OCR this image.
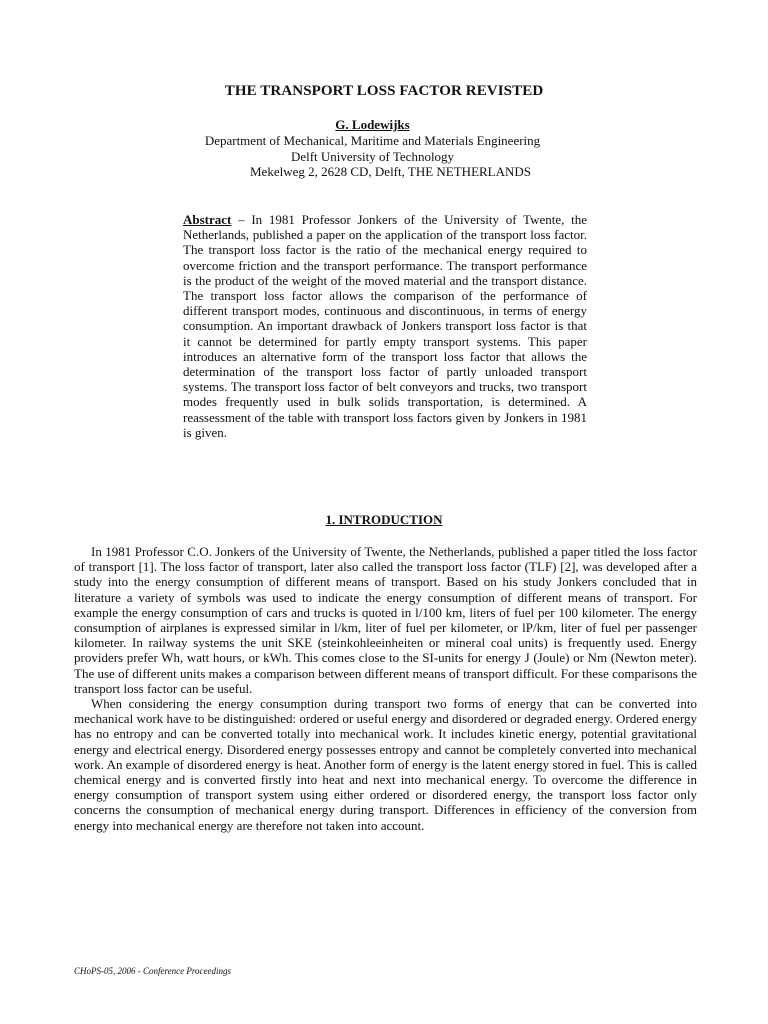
THE TRANSPORT LOSS FACTOR REVISTED
G. Lodewijks
Department of Mechanical, Maritime and Materials Engineering
Delft University of Technology
Mekelweg 2, 2628 CD, Delft, THE NETHERLANDS
Abstract – In 1981 Professor Jonkers of the University of Twente, the Netherlands, published a paper on the application of the transport loss factor. The transport loss factor is the ratio of the mechanical energy required to overcome friction and the transport performance. The transport performance is the product of the weight of the moved material and the transport distance. The transport loss factor allows the comparison of the performance of different transport modes, continuous and discontinuous, in terms of energy consumption. An important drawback of Jonkers transport loss factor is that it cannot be determined for partly empty transport systems. This paper introduces an alternative form of the transport loss factor that allows the determination of the transport loss factor of partly unloaded transport systems. The transport loss factor of belt conveyors and trucks, two transport modes frequently used in bulk solids transportation, is determined. A reassessment of the table with transport loss factors given by Jonkers in 1981 is given.
1. INTRODUCTION

In 1981 Professor C.O. Jonkers of the University of Twente, the Netherlands, published a paper titled the loss factor of transport [1]. The loss factor of transport, later also called the transport loss factor (TLF) [2], was developed after a study into the energy consumption of different means of transport. Based on his study Jonkers concluded that in literature a variety of symbols was used to indicate the energy consumption of different means of transport. For example the energy consumption of cars and trucks is quoted in l/100 km, liters of fuel per 100 kilometer. The energy consumption of airplanes is expressed similar in l/km, liter of fuel per kilometer, or lP/km, liter of fuel per passenger kilometer. In railway systems the unit SKE (steinkohleeinheiten or mineral coal units) is frequently used. Energy providers prefer Wh, watt hours, or kWh. This comes close to the SI-units for energy J (Joule) or Nm (Newton meter). The use of different units makes a comparison between different means of transport difficult. For these comparisons the transport loss factor can be useful.

When considering the energy consumption during transport two forms of energy that can be converted into mechanical work have to be distinguished: ordered or useful energy and disordered or degraded energy. Ordered energy has no entropy and can be converted totally into mechanical work. It includes kinetic energy, potential gravitational energy and electrical energy. Disordered energy possesses entropy and cannot be completely converted into mechanical work. An example of disordered energy is heat. Another form of energy is the latent energy stored in fuel. This is called chemical energy and is converted firstly into heat and next into mechanical energy. To overcome the difference in energy consumption of transport system using either ordered or disordered energy, the transport loss factor only concerns the consumption of mechanical energy during transport. Differences in efficiency of the conversion from energy into mechanical energy are therefore not taken into account.

CHoPS-05, 2006 - Conference Proceedings
